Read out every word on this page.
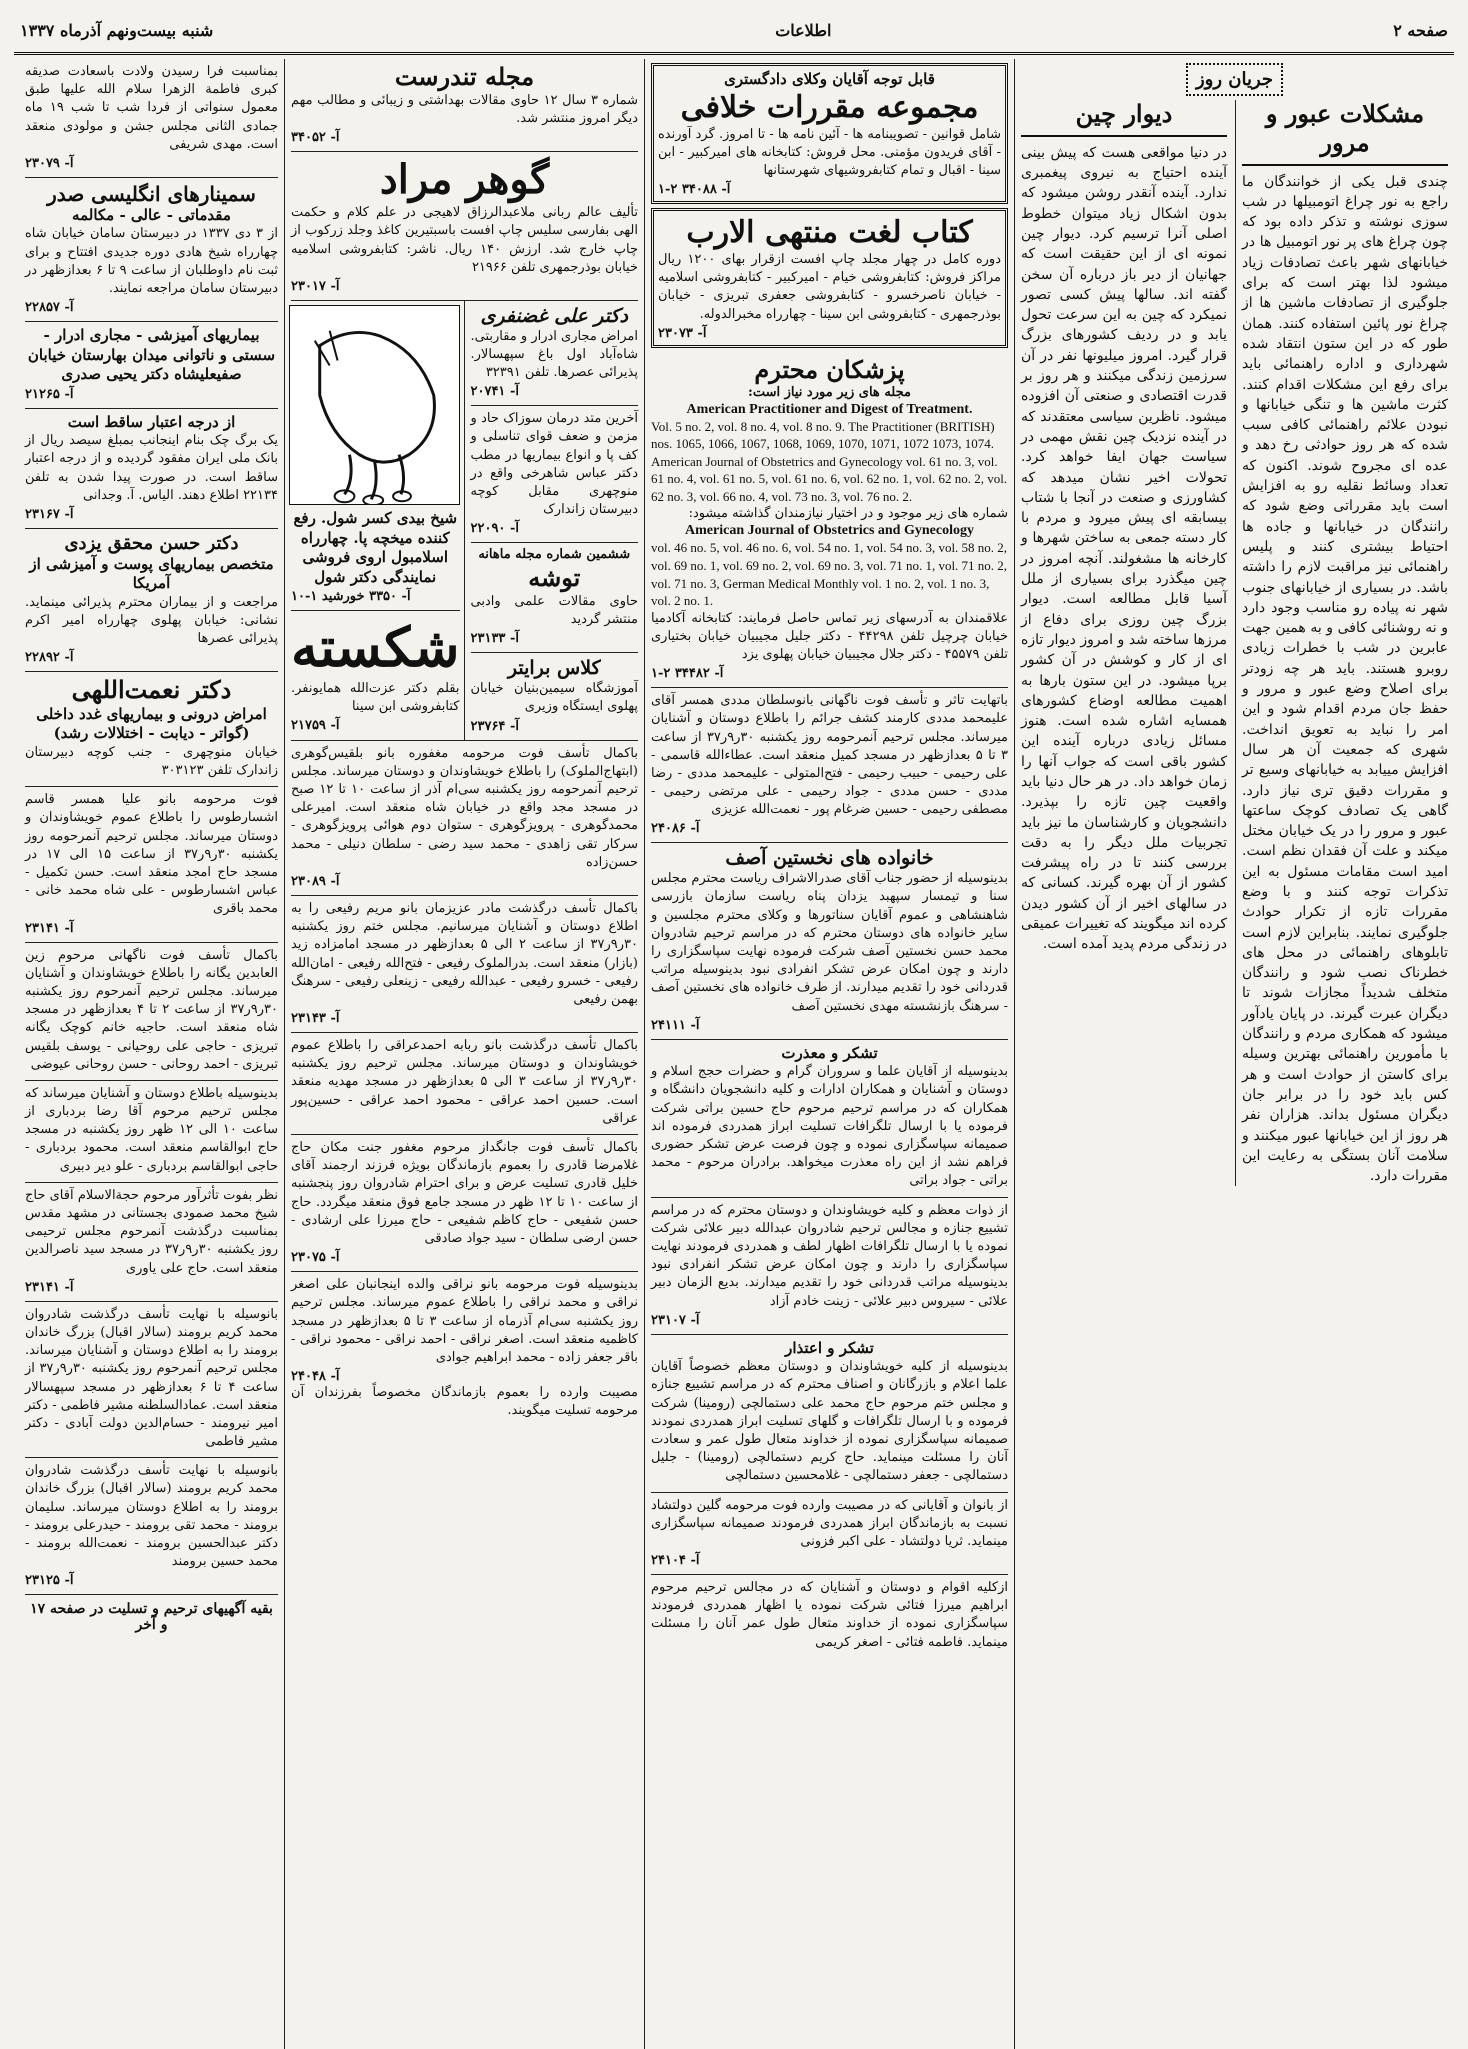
صفحه ۲
اطلاعات
شنبه بیست‌ونهم آذرماه ۱۳۳۷
جریان روز
مشکلات عبور و مرور
چندی قبل یکی از خوانندگان ما راجع به نور چراغ اتومبیلها در شب سوزی نوشته و تذکر داده بود که چون چراغ های پر نور اتومبیل ها در خیابانهای شهر باعث تصادفات زیاد میشود لذا بهتر است که برای جلوگیری از تصادفات ماشین ها از چراغ نور پائین استفاده کنند. همان طور که در این ستون انتقاد شده شهرداری و اداره راهنمائی باید برای رفع این مشکلات اقدام کنند. کثرت ماشین ها و تنگی خیابانها و نبودن علائم راهنمائی کافی سبب شده که هر روز حوادثی رخ دهد و عده ای مجروح شوند. اکنون که تعداد وسائط نقلیه رو به افزایش است باید مقرراتی وضع شود که رانندگان در خیابانها و جاده ها احتیاط بیشتری کنند و پلیس راهنمائی نیز مراقبت لازم را داشته باشد. در بسیاری از خیابانهای جنوب شهر نه پیاده رو مناسب وجود دارد و نه روشنائی کافی و به همین جهت عابرین در شب با خطرات زیادی روبرو هستند. باید هر چه زودتر برای اصلاح وضع عبور و مرور و حفظ جان مردم اقدام شود و این امر را نباید به تعویق انداخت. شهری که جمعیت آن هر سال افزایش مییابد به خیابانهای وسیع تر و مقررات دقیق تری نیاز دارد. گاهی یک تصادف کوچک ساعتها عبور و مرور را در یک خیابان مختل میکند و علت آن فقدان نظم است. امید است مقامات مسئول به این تذکرات توجه کنند و با وضع مقررات تازه از تکرار حوادث جلوگیری نمایند. بنابراین لازم است تابلوهای راهنمائی در محل های خطرناک نصب شود و رانندگان متخلف شدیداً مجازات شوند تا دیگران عبرت گیرند. در پایان یادآور میشود که همکاری مردم و رانندگان با مأمورین راهنمائی بهترین وسیله برای کاستن از حوادث است و هر کس باید خود را در برابر جان دیگران مسئول بداند. هزاران نفر هر روز از این خیابانها عبور میکنند و سلامت آنان بستگی به رعایت این مقررات دارد.
دیوار چین
در دنیا مواقعی هست که پیش بینی آینده احتیاج به نیروی پیغمبری ندارد. آینده آنقدر روشن میشود که بدون اشکال زیاد میتوان خطوط اصلی آنرا ترسیم کرد. دیوار چین نمونه ای از این حقیقت است که جهانیان از دیر باز درباره آن سخن گفته اند. سالها پیش کسی تصور نمیکرد که چین به این سرعت تحول یابد و در ردیف کشورهای بزرگ قرار گیرد. امروز میلیونها نفر در آن سرزمین زندگی میکنند و هر روز بر قدرت اقتصادی و صنعتی آن افزوده میشود. ناظرین سیاسی معتقدند که در آینده نزدیک چین نقش مهمی در سیاست جهان ایفا خواهد کرد. تحولات اخیر نشان میدهد که کشاورزی و صنعت در آنجا با شتاب بیسابقه ای پیش میرود و مردم با کار دسته جمعی به ساختن شهرها و کارخانه ها مشغولند. آنچه امروز در چین میگذرد برای بسیاری از ملل آسیا قابل مطالعه است. دیوار بزرگ چین روزی برای دفاع از مرزها ساخته شد و امروز دیوار تازه ای از کار و کوشش در آن کشور برپا میشود. در این ستون بارها به اهمیت مطالعه اوضاع کشورهای همسایه اشاره شده است. هنوز مسائل زیادی درباره آینده این کشور باقی است که جواب آنها را زمان خواهد داد. در هر حال دنیا باید واقعیت چین تازه را بپذیرد. دانشجویان و کارشناسان ما نیز باید تجربیات ملل دیگر را به دقت بررسی کنند تا در راه پیشرفت کشور از آن بهره گیرند. کسانی که در سالهای اخیر از آن کشور دیدن کرده اند میگویند که تغییرات عمیقی در زندگی مردم پدید آمده است.
قابل توجه آقایان وکلای دادگستری
مجموعه مقررات خلافی
شامل قوانین - تصویبنامه ها - آئین نامه ها - تا امروز. گرد آورنده - آقای فریدون مؤمنی. محل فروش: کتابخانه های امیرکبیر - ابن سینا - اقبال و تمام کتابفروشیهای شهرستانها
آ- ۳۴۰۸۸ ۲-۱
کتاب لغت منتهی الارب
دوره کامل در چهار مجلد چاپ افست ازقرار بهای ۱۲۰۰ ریال مراکز فروش: کتابفروشی خیام - امیرکبیر - کتابفروشی اسلامیه - خیابان ناصرخسرو - کتابفروشی جعفری تبریزی - خیابان بوذرجمهری - کتابفروشی ابن سینا - چهارراه مخبرالدوله.
آ- ۲۳۰۷۳
پزشکان محترم
مجله های زیر مورد نیاز است:
American Practitioner and Digest of Treatment.
Vol. 5 no. 2, vol. 8 no. 4, vol. 8 no. 9. The Practitioner (BRITISH) nos. 1065, 1066, 1067, 1068, 1069, 1070, 1071, 1072 1073, 1074. American Journal of Obstetrics and Gynecology vol. 61 no. 3, vol. 61 no. 4, vol. 61 no. 5, vol. 61 no. 6, vol. 62 no. 1, vol. 62 no. 2, vol. 62 no. 3, vol. 66 no. 4, vol. 73 no. 3, vol. 76 no. 2.
شماره های زیر موجود و در اختیار نیازمندان گذاشته میشود:
American Journal of Obstetrics and Gynecology
vol. 46 no. 5, vol. 46 no. 6, vol. 54 no. 1, vol. 54 no. 3, vol. 58 no. 2, vol. 69 no. 1, vol. 69 no. 2, vol. 69 no. 3, vol. 71 no. 1, vol. 71 no. 2, vol. 71 no. 3, German Medical Monthly vol. 1 no. 2, vol. 1 no. 3, vol. 2 no. 1.
علاقمندان به آدرسهای زیر تماس حاصل فرمایند: کتابخانه آکادمیا خیابان چرچیل تلفن ۴۴۲۹۸ - دکتر جلیل مجیبیان خیابان بختیاری تلفن ۴۵۵۷۹ - دکتر جلال مجیبیان خیابان پهلوی یزد
آ- ۳۴۴۸۲ ۲-۱
باتهایت تاثر و تأسف فوت ناگهانی بانوسلطان مددی همسر آقای علیمحمد مددی کارمند کشف جرائم را باطلاع دوستان و آشنایان میرساند. مجلس ترحیم آنمرحومه روز یکشنبه ۳۰ر۹ر۳۷ از ساعت ۳ تا ۵ بعدازظهر در مسجد کمیل منعقد است. عطاءالله قاسمی - علی رحیمی - حبیب رحیمی - فتح‌المتولی - علیمحمد مددی - رضا مددی - حسن مددی - جواد رحیمی - علی مرتضی رحیمی - مصطفی رحیمی - حسین ضرغام پور - نعمت‌الله عزیزی
آ- ۲۴۰۸۶
خانواده های نخستین آصف
بدینوسیله از حضور جناب آقای صدرالاشراف ریاست محترم مجلس سنا و تیمسار سپهبد یزدان پناه ریاست سازمان بازرسی شاهنشاهی و عموم آقایان سناتورها و وکلای محترم مجلسین و سایر خانواده های دوستان محترم که در مراسم ترحیم شادروان محمد حسن نخستین آصف شرکت فرموده نهایت سپاسگزاری را دارند و چون امکان عرض تشکر انفرادی نبود بدینوسیله مراتب قدردانی خود را تقدیم میدارند. از طرف خانواده های نخستین آصف - سرهنگ بازنشسته مهدی نخستین آصف
آ- ۲۴۱۱۱
تشکر و معذرت
بدینوسیله از آقایان علما و سروران گرام و حضرات حجج اسلام و دوستان و آشنایان و همکاران ادارات و کلیه دانشجویان دانشگاه و همکاران که در مراسم ترحیم مرحوم حاج حسین براتی شرکت فرموده یا با ارسال تلگرافات تسلیت ابراز همدردی فرموده اند صمیمانه سپاسگزاری نموده و چون فرصت عرض تشکر حضوری فراهم نشد از این راه معذرت میخواهد. برادران مرحوم - محمد براتی - جواد براتی
از ذوات معظم و کلیه خویشاوندان و دوستان محترم که در مراسم تشییع جنازه و مجالس ترحیم شادروان عبدالله دبیر علائی شرکت نموده یا با ارسال تلگرافات اظهار لطف و همدردی فرمودند نهایت سپاسگزاری را دارند و چون امکان عرض تشکر انفرادی نبود بدینوسیله مراتب قدردانی خود را تقدیم میدارند. بدیع الزمان دبیر علائی - سیروس دبیر علائی - زینت خادم آزاد
آ- ۲۳۱۰۷
تشکر و اعتذار
بدینوسیله از کلیه خویشاوندان و دوستان معظم خصوصاً آقایان علما اعلام و بازرگانان و اصناف محترم که در مراسم تشییع جنازه و مجلس ختم مرحوم حاج محمد علی دستمالچی (رومینا) شرکت فرموده و با ارسال تلگرافات و گلهای تسلیت ابراز همدردی نمودند صمیمانه سپاسگزاری نموده از خداوند متعال طول عمر و سعادت آنان را مسئلت مینماید. حاج کریم دستمالچی (رومینا) - جلیل دستمالچی - جعفر دستمالچی - غلامحسین دستمالچی
از بانوان و آقایانی که در مصیبت وارده فوت مرحومه گلین دولتشاد نسبت به بازماندگان ابراز همدردی فرمودند صمیمانه سپاسگزاری مینماید. ثریا دولتشاد - علی اکبر فزونی
آ- ۲۴۱۰۴
ازکلیه اقوام و دوستان و آشنایان که در مجالس ترحیم مرحوم ابراهیم میرزا فتائی شرکت نموده یا اظهار همدردی فرمودند سپاسگزاری نموده از خداوند متعال طول عمر آنان را مسئلت مینماید. فاطمه فتائی - اصغر کریمی
مجله تندرست
شماره ۳ سال ۱۲ حاوی مقالات بهداشتی و زیبائی و مطالب مهم دیگر امروز منتشر شد.
آ- ۳۴۰۵۲
گوهر مراد
تألیف عالم ربانی ملاعبدالرزاق لاهیجی در علم کلام و حکمت الهی بفارسی سلیس چاپ افست باسبتیرین کاغذ وجلد زرکوب از چاپ خارج شد. ارزش ۱۴۰ ریال. ناشر: کتابفروشی اسلامیه خیابان بوذرجمهری تلفن ۲۱۹۶۶
آ- ۲۳۰۱۷
دکتر علی غضنفری
امراض مجاری ادرار و مقاربتی. شاه‌آباد اول باغ سپهسالار. پذیرائی عصرها. تلفن ۳۲۳۹۱
آ- ۲۰۷۴۱
آخرین متد درمان سوزاک حاد و مزمن و ضعف قوای تناسلی و کف پا و انواع بیماریها در مطب دکتر عباس شاهرخی واقع در منوچهری مقابل کوچه دبیرستان زاندارک
آ- ۲۲۰۹۰
ششمین شماره مجله ماهانه
توشه
حاوی مقالات علمی وادبی منتشر گردید
آ- ۲۳۱۳۳
کلاس برایتر
آموزشگاه سیمین‌بنیان خیابان پهلوی ایستگاه وزیری
آ- ۲۳۷۶۴
شیخ بیدی کسر شول. رفع کننده میخچه پا. چهارراه اسلامبول اروی فروشی نمایندگی دکتر شول
آ- ۳۳۵۰ خورشید ۱-۱۰
شکسته
بقلم دکتر عزت‌الله همایونفر. کتابفروشی ابن سینا
آ- ۲۱۷۵۹
باکمال تأسف فوت مرحومه مغفوره بانو بلقیس‌گوهری (ابتهاج‌الملوک) را باطلاع خویشاوندان و دوستان میرساند. مجلس ترحیم آنمرحومه روز یکشنبه سی‌ام آذر از ساعت ۱۰ تا ۱۲ صبح در مسجد مجد واقع در خیابان شاه منعقد است. امیرعلی محمدگوهری - پرویزگوهری - ستوان دوم هوائی پرویزگوهری - سرکار تقی زاهدی - محمد سید رضی - سلطان دنیلی - محمد حسن‌زاده
آ- ۲۳۰۸۹
باکمال تأسف درگذشت مادر عزیزمان بانو مریم رفیعی را به اطلاع دوستان و آشنایان میرسانیم. مجلس ختم روز یکشنبه ۳۰ر۹ر۳۷ از ساعت ۲ الی ۵ بعدازظهر در مسجد امامزاده زید (بازار) منعقد است. بدرالملوک رفیعی - فتح‌الله رفیعی - امان‌الله رفیعی - خسرو رفیعی - عبدالله رفیعی - زینعلی رفیعی - سرهنگ بهمن رفیعی
آ- ۲۳۱۴۳
باکمال تأسف درگذشت بانو ربابه احمدعراقی را باطلاع عموم خویشاوندان و دوستان میرساند. مجلس ترحیم روز یکشنبه ۳۰ر۹ر۳۷ از ساعت ۳ الی ۵ بعدازظهر در مسجد مهدیه منعقد است. حسین احمد عراقی - محمود احمد عراقی - حسین‌پور عراقی
باکمال تأسف فوت جانگداز مرحوم مغفور جنت مکان حاج غلامرضا قادری را بعموم بازماندگان بویژه فرزند ارجمند آقای خلیل قادری تسلیت عرض و برای احترام شادروان روز پنجشنبه از ساعت ۱۰ تا ۱۲ ظهر در مسجد جامع فوق منعقد میگردد. حاج حسن شفیعی - حاج کاظم شفیعی - حاج میرزا علی ارشادی - حسن ارضی سلطان - سید جواد صادقی
آ- ۲۳۰۷۵
بدینوسیله فوت مرحومه بانو نراقی والده اینجانبان علی اصغر نراقی و محمد نراقی را باطلاع عموم میرساند. مجلس ترحیم روز یکشنبه سی‌ام آذرماه از ساعت ۳ تا ۵ بعدازظهر در مسجد کاظمیه منعقد است. اصغر نراقی - احمد نراقی - محمود نراقی - باقر جعفر زاده - محمد ابراهیم جوادی
آ- ۲۴۰۴۸
مصیبت وارده را بعموم بازماندگان مخصوصاً بفرزندان آن مرحومه تسلیت میگویند.
بمناسبت فرا رسیدن ولادت باسعادت صدیقه کبری فاطمة الزهرا سلام الله علیها طبق معمول سنواتی از فردا شب تا شب ۱۹ ماه جمادی الثانی مجلس جشن و مولودی منعقد است. مهدی شریفی
آ- ۲۳۰۷۹
سمینارهای انگلیسی صدر
مقدماتی - عالی - مکالمه
از ۳ دی ۱۳۳۷ در دبیرستان سامان خیابان شاه چهارراه شیخ هادی دوره جدیدی افتتاح و برای ثبت نام داوطلبان از ساعت ۹ تا ۶ بعدازظهر در دبیرستان سامان مراجعه نمایند.
آ- ۲۲۸۵۷
بیماریهای آمیزشی - مجاری ادرار - سستی و ناتوانی میدان بهارستان خیابان صفیعلیشاه دکتر یحیی صدری
آ- ۲۱۲۶۵
از درجه اعتبار ساقط است
یک برگ چک بنام اینجانب بمبلغ سیصد ریال از بانک ملی ایران مفقود گردیده و از درجه اعتبار ساقط است. در صورت پیدا شدن به تلفن ۲۲۱۳۴ اطلاع دهند. الیاس. آ. وجدانی
آ- ۲۳۱۶۷
دکتر حسن محقق یزدی
متخصص بیماریهای پوست و آمیزشی از آمریکا
مراجعت و از بیماران محترم پذیرائی مینماید. نشانی: خیابان پهلوی چهارراه امیر اکرم پذیرائی عصرها
آ- ۲۲۸۹۲
دکتر نعمت‌اللهی
امراض درونی و بیماریهای غدد داخلی (گواتر - دیابت - اختلالات رشد)
خیابان منوچهری - جنب کوچه دبیرستان زاندارک تلفن ۳۰۳۱۲۳
فوت مرحومه بانو علیا همسر قاسم اشسارطوس را باطلاع عموم خویشاوندان و دوستان میرساند. مجلس ترحیم آنمرحومه روز یکشنبه ۳۰ر۹ر۳۷ از ساعت ۱۵ الی ۱۷ در مسجد حاج امجد منعقد است. حسن تکمیل - عباس اشسارطوس - علی شاه محمد خانی - محمد باقری
آ- ۲۳۱۴۱
باکمال تأسف فوت ناگهانی مرحوم زین العابدین یگانه را باطلاع خویشاوندان و آشنایان میرساند. مجلس ترحیم آنمرحوم روز یکشنبه ۳۰ر۹ر۳۷ از ساعت ۲ تا ۴ بعدازظهر در مسجد شاه منعقد است. حاجیه خانم کوچک یگانه تبریزی - حاجی علی روحیانی - یوسف بلقیس تبریزی - احمد روحانی - حسن روحانی عیوضی
بدینوسیله باطلاع دوستان و آشنایان میرساند که مجلس ترحیم مرحوم آقا رضا بردباری از ساعت ۱۰ الی ۱۲ ظهر روز یکشنبه در مسجد حاج ابوالقاسم منعقد است. محمود بردباری - حاجی ابوالقاسم بردباری - علو دیر دبیری
نظر بفوت تأثرآور مرحوم حجةالاسلام آقای حاج شیخ محمد صمودی بجستانی در مشهد مقدس بمناسبت درگذشت آنمرحوم مجلس ترحیمی روز یکشنبه ۳۰ر۹ر۳۷ در مسجد سید ناصرالدین منعقد است. حاج علی یاوری
آ- ۲۳۱۴۱
بانوسیله با نهایت تأسف درگذشت شادروان محمد کریم برومند (سالار اقبال) بزرگ خاندان برومند را به اطلاع دوستان و آشنایان میرساند. مجلس ترحیم آنمرحوم روز یکشنبه ۳۰ر۹ر۳۷ از ساعت ۴ تا ۶ بعدازظهر در مسجد سپهسالار منعقد است. عمادالسلطنه مشیر فاطمی - دکتر امیر نیرومند - حسام‌الدین دولت آبادی - دکتر مشیر فاطمی
بانوسیله با نهایت تأسف درگذشت شادروان محمد کریم برومند (سالار اقبال) بزرگ خاندان برومند را به اطلاع دوستان میرساند. سلیمان برومند - محمد تقی برومند - حیدرعلی برومند - دکتر عبدالحسین برومند - نعمت‌الله برومند - محمد حسین برومند
آ- ۲۳۱۲۵
بقیه آگهیهای ترحیم و تسلیت در صفحه ۱۷ و آخر
